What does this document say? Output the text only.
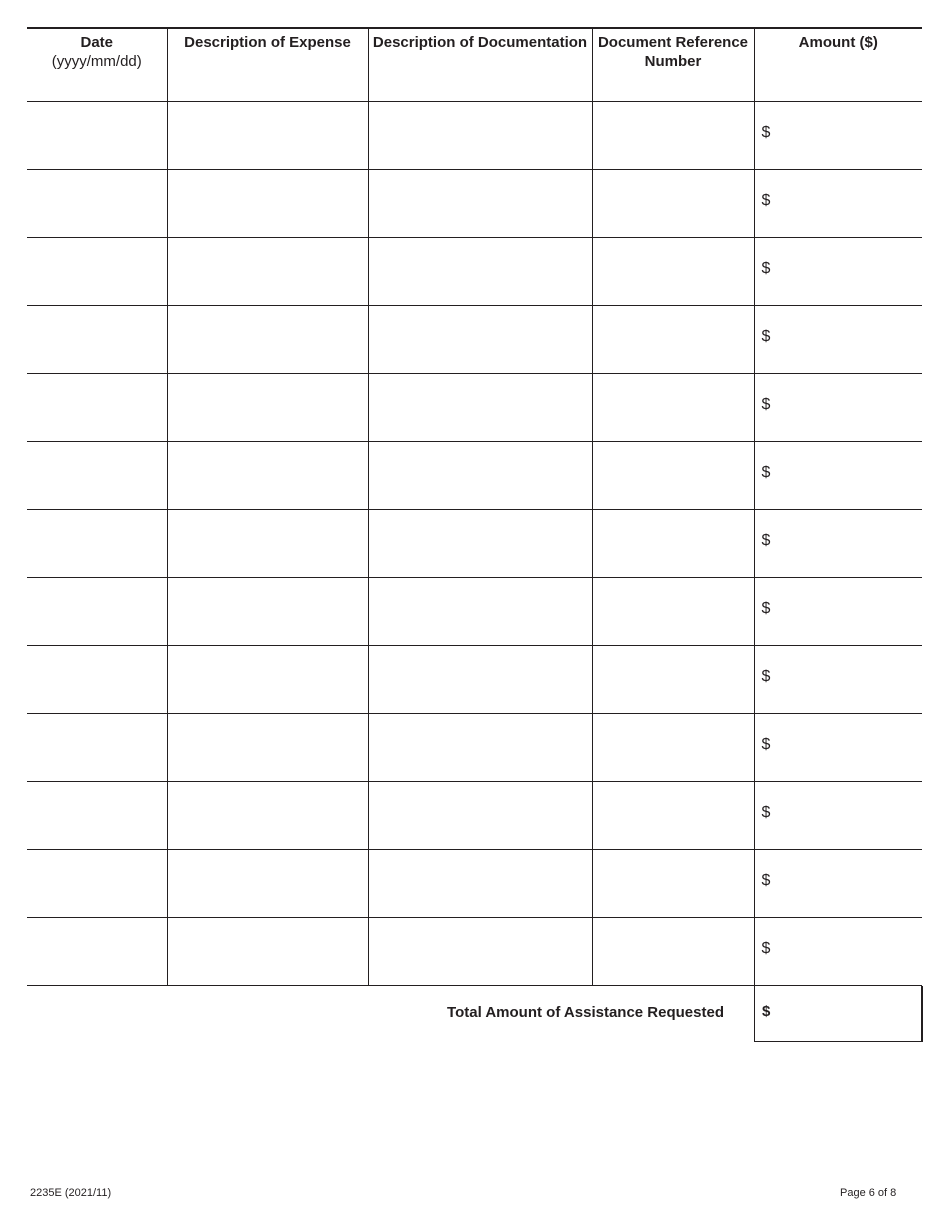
Date
(yyyy/mm/dd)	Description of Expense	Description of Documentation	Document Reference Number	Amount ($)

				$

				$

				$

				$

				$

				$

				$

				$

				$

				$

				$

				$

				$
Total Amount of Assistance Requested	$
2235E (2021/11)	Page 6 of 8
